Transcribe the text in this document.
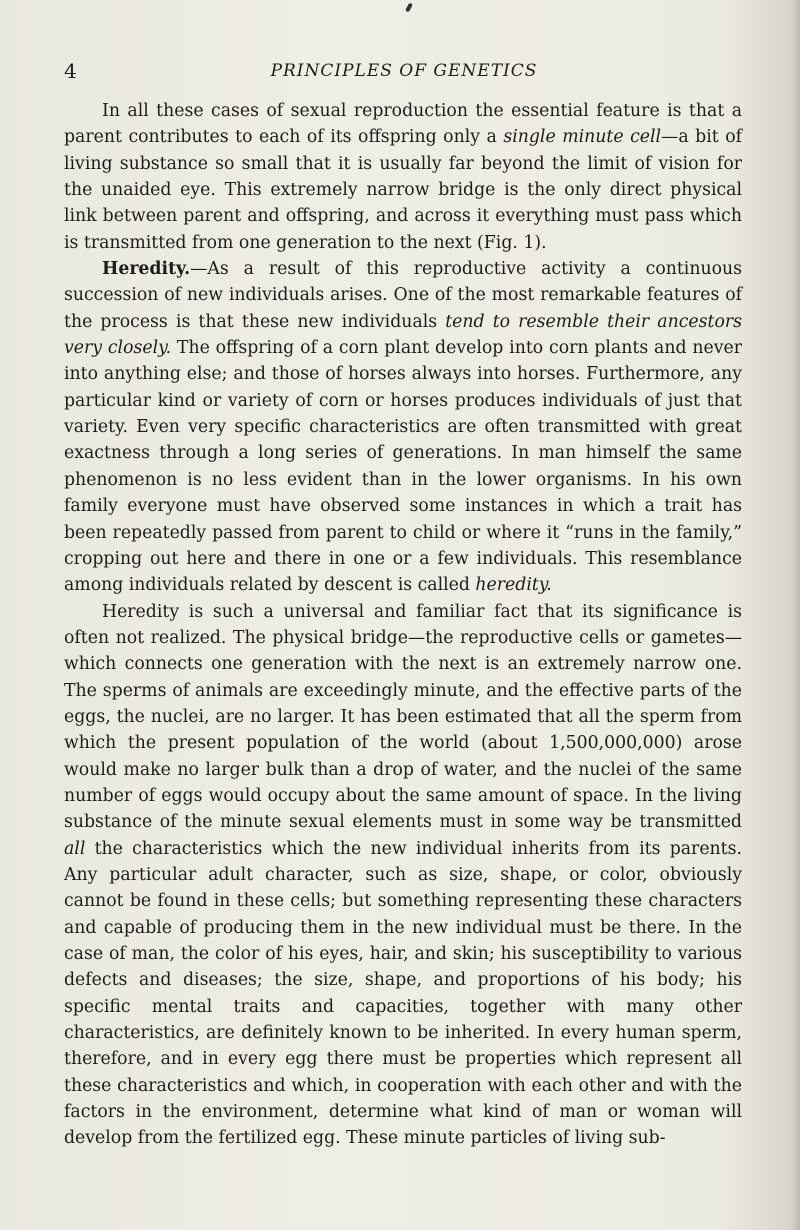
4	PRINCIPLES OF GENETICS

In all these cases of sexual reproduction the essential feature is that a parent contributes to each of its offspring only a single minute cell—a bit of living substance so small that it is usually far beyond the limit of vision for the unaided eye. This extremely narrow bridge is the only direct physical link between parent and offspring, and across it everything must pass which is transmitted from one generation to the next (Fig. 1).

Heredity.—As a result of this reproductive activity a continuous succession of new individuals arises. One of the most remarkable features of the process is that these new individuals tend to resemble their ancestors very closely. The offspring of a corn plant develop into corn plants and never into anything else; and those of horses always into horses. Furthermore, any particular kind or variety of corn or horses produces individuals of just that variety. Even very specific characteristics are often transmitted with great exactness through a long series of generations. In man himself the same phenomenon is no less evident than in the lower organisms. In his own family everyone must have observed some instances in which a trait has been repeatedly passed from parent to child or where it “runs in the family,” cropping out here and there in one or a few individuals. This resemblance among individuals related by descent is called heredity.

Heredity is such a universal and familiar fact that its significance is often not realized. The physical bridge—the reproductive cells or gametes—which connects one generation with the next is an extremely narrow one. The sperms of animals are exceedingly minute, and the effective parts of the eggs, the nuclei, are no larger. It has been estimated that all the sperm from which the present population of the world (about 1,500,000,000) arose would make no larger bulk than a drop of water, and the nuclei of the same number of eggs would occupy about the same amount of space. In the living substance of the minute sexual elements must in some way be transmitted all the characteristics which the new individual inherits from its parents. Any particular adult character, such as size, shape, or color, obviously cannot be found in these cells; but something representing these characters and capable of producing them in the new individual must be there. In the case of man, the color of his eyes, hair, and skin; his susceptibility to various defects and diseases; the size, shape, and proportions of his body; his specific mental traits and capacities, together with many other characteristics, are definitely known to be inherited. In every human sperm, therefore, and in every egg there must be properties which represent all these characteristics and which, in cooperation with each other and with the factors in the environment, determine what kind of man or woman will develop from the fertilized egg. These minute particles of living sub-
